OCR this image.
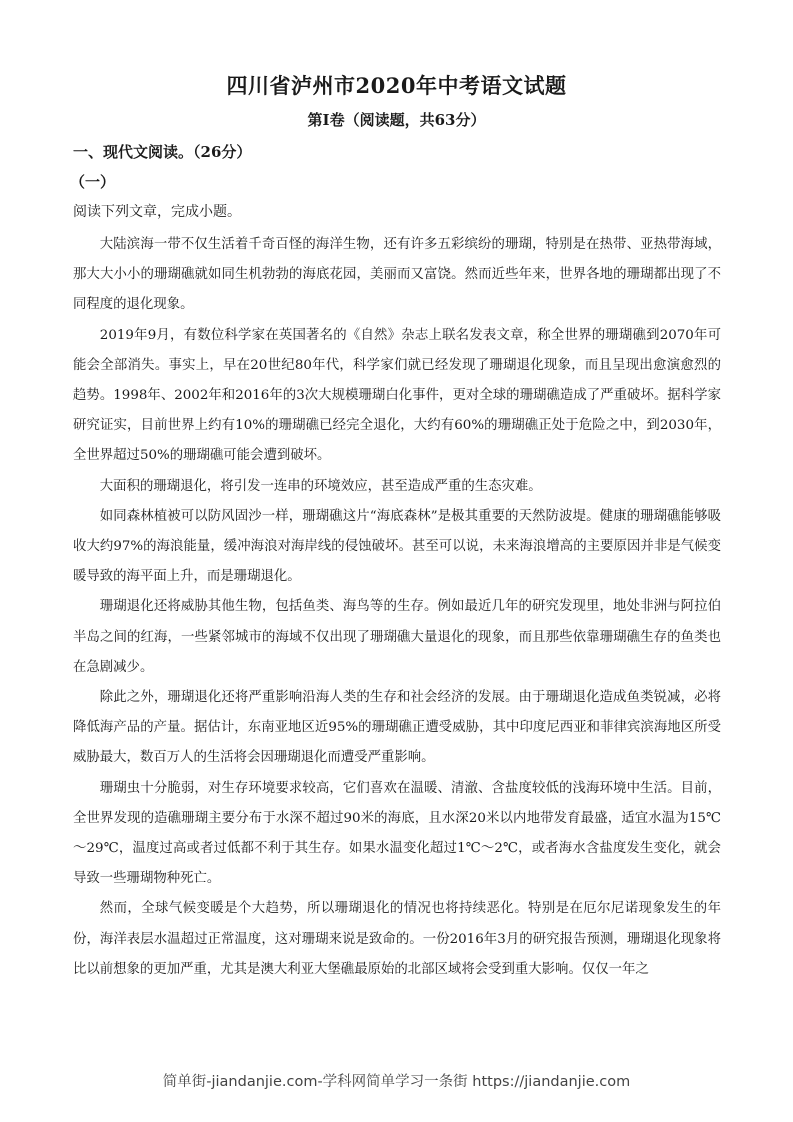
四川省泸州市2020年中考语文试题
第Ⅰ卷（阅读题，共63分）
一、现代文阅读。（26分）
（一）
阅读下列文章，完成小题。

大陆滨海一带不仅生活着千奇百怪的海洋生物，还有许多五彩缤纷的珊瑚，特别是在热带、亚热带海域，那大大小小的珊瑚礁就如同生机勃勃的海底花园，美丽而又富饶。然而近些年来，世界各地的珊瑚都出现了不同程度的退化现象。

2019年9月，有数位科学家在英国著名的《自然》杂志上联名发表文章，称全世界的珊瑚礁到2070年可能会全部消失。事实上，早在20世纪80年代，科学家们就已经发现了珊瑚退化现象，而且呈现出愈演愈烈的趋势。1998年、2002年和2016年的3次大规模珊瑚白化事件，更对全球的珊瑚礁造成了严重破坏。据科学家研究证实，目前世界上约有10%的珊瑚礁已经完全退化，大约有60%的珊瑚礁正处于危险之中，到2030年，全世界超过50%的珊瑚礁可能会遭到破坏。

大面积的珊瑚退化，将引发一连串的环境效应，甚至造成严重的生态灾难。

如同森林植被可以防风固沙一样，珊瑚礁这片“海底森林”是极其重要的天然防波堤。健康的珊瑚礁能够吸收大约97%的海浪能量，缓冲海浪对海岸线的侵蚀破坏。甚至可以说，未来海浪增高的主要原因并非是气候变暖导致的海平面上升，而是珊瑚退化。

珊瑚退化还将威胁其他生物，包括鱼类、海鸟等的生存。例如最近几年的研究发现里，地处非洲与阿拉伯半岛之间的红海，一些紧邻城市的海域不仅出现了珊瑚礁大量退化的现象，而且那些依靠珊瑚礁生存的鱼类也在急剧减少。

除此之外，珊瑚退化还将严重影响沿海人类的生存和社会经济的发展。由于珊瑚退化造成鱼类锐减，必将降低海产品的产量。据估计，东南亚地区近95%的珊瑚礁正遭受威胁，其中印度尼西亚和菲律宾滨海地区所受威胁最大，数百万人的生活将会因珊瑚退化而遭受严重影响。

珊瑚虫十分脆弱，对生存环境要求较高，它们喜欢在温暖、清澈、含盐度较低的浅海环境中生活。目前，全世界发现的造礁珊瑚主要分布于水深不超过90米的海底，且水深20米以内地带发育最盛，适宜水温为15℃～29℃，温度过高或者过低都不利于其生存。如果水温变化超过1℃～2℃，或者海水含盐度发生变化，就会导致一些珊瑚物种死亡。

然而，全球气候变暖是个大趋势，所以珊瑚退化的情况也将持续恶化。特别是在厄尔尼诺现象发生的年份，海洋表层水温超过正常温度，这对珊瑚来说是致命的。一份2016年3月的研究报告预测，珊瑚退化现象将比以前想象的更加严重，尤其是澳大利亚大堡礁最原始的北部区域将会受到重大影响。仅仅一年之

简单街-jiandanjie.com-学科网简单学习一条街 https://jiandanjie.com
